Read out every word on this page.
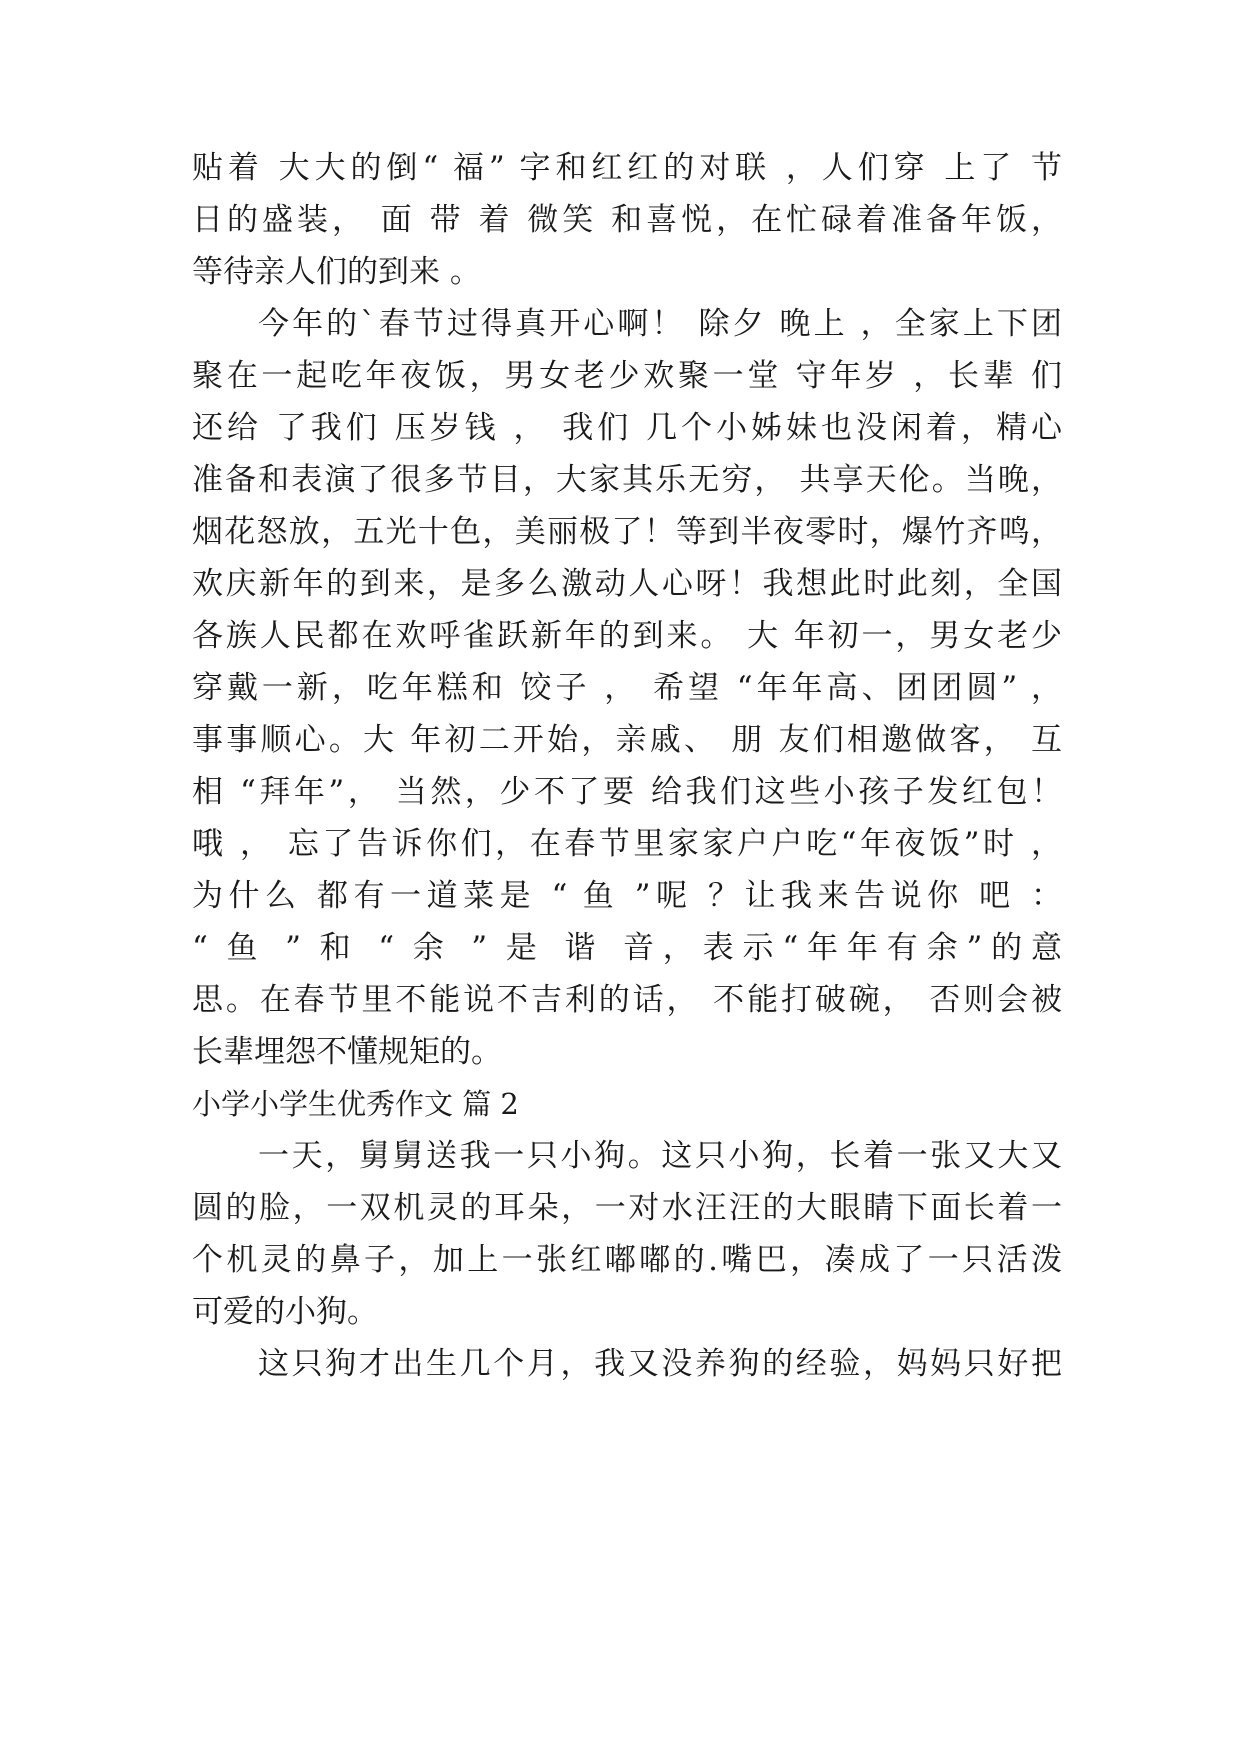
贴着 大大的倒“ 福” 字和红红的对联 ，人们穿 上了 节
日的盛装， 面 带 着 微笑 和喜悦，在忙碌着准备年饭，
等待亲人们的到来 。
今年的`春节过得真开心啊！ 除夕 晚上 ，全家上下团
聚在一起吃年夜饭，男女老少欢聚一堂 守年岁 ，长辈 们
还给 了我们 压岁钱 ， 我们 几个小姊妹也没闲着，精心
准备和表演了很多节目，大家其乐无穷， 共享天伦。当晚，
烟花怒放，五光十色，美丽极了！等到半夜零时，爆竹齐鸣，
欢庆新年的到来，是多么激动人心呀！我想此时此刻，全国
各族人民都在欢呼雀跃新年的到来。 大 年初一，男女老少
穿戴一新，吃年糕和 饺子 ， 希望 “年年高、团团圆” ，
事事顺心。大 年初二开始，亲戚、 朋 友们相邀做客， 互
相 “拜年”， 当然，少不了要 给我们这些小孩子发红包！
哦 ， 忘了告诉你们，在春节里家家户户吃“年夜饭”时 ，
为什么 都有一道菜是 “ 鱼 ”呢 ？让我来告说你 吧 ：
“ 鱼 ” 和 “ 余 ” 是 谐 音，表示“年年有余”的意
思。在春节里不能说不吉利的话， 不能打破碗， 否则会被
长辈埋怨不懂规矩的。
小学小学生优秀作文 篇 2
一天，舅舅送我一只小狗。这只小狗，长着一张又大又
圆的脸，一双机灵的耳朵，一对水汪汪的大眼睛下面长着一
个机灵的鼻子，加上一张红嘟嘟的.嘴巴，凑成了一只活泼
可爱的小狗。
这只狗才出生几个月，我又没养狗的经验，妈妈只好把
